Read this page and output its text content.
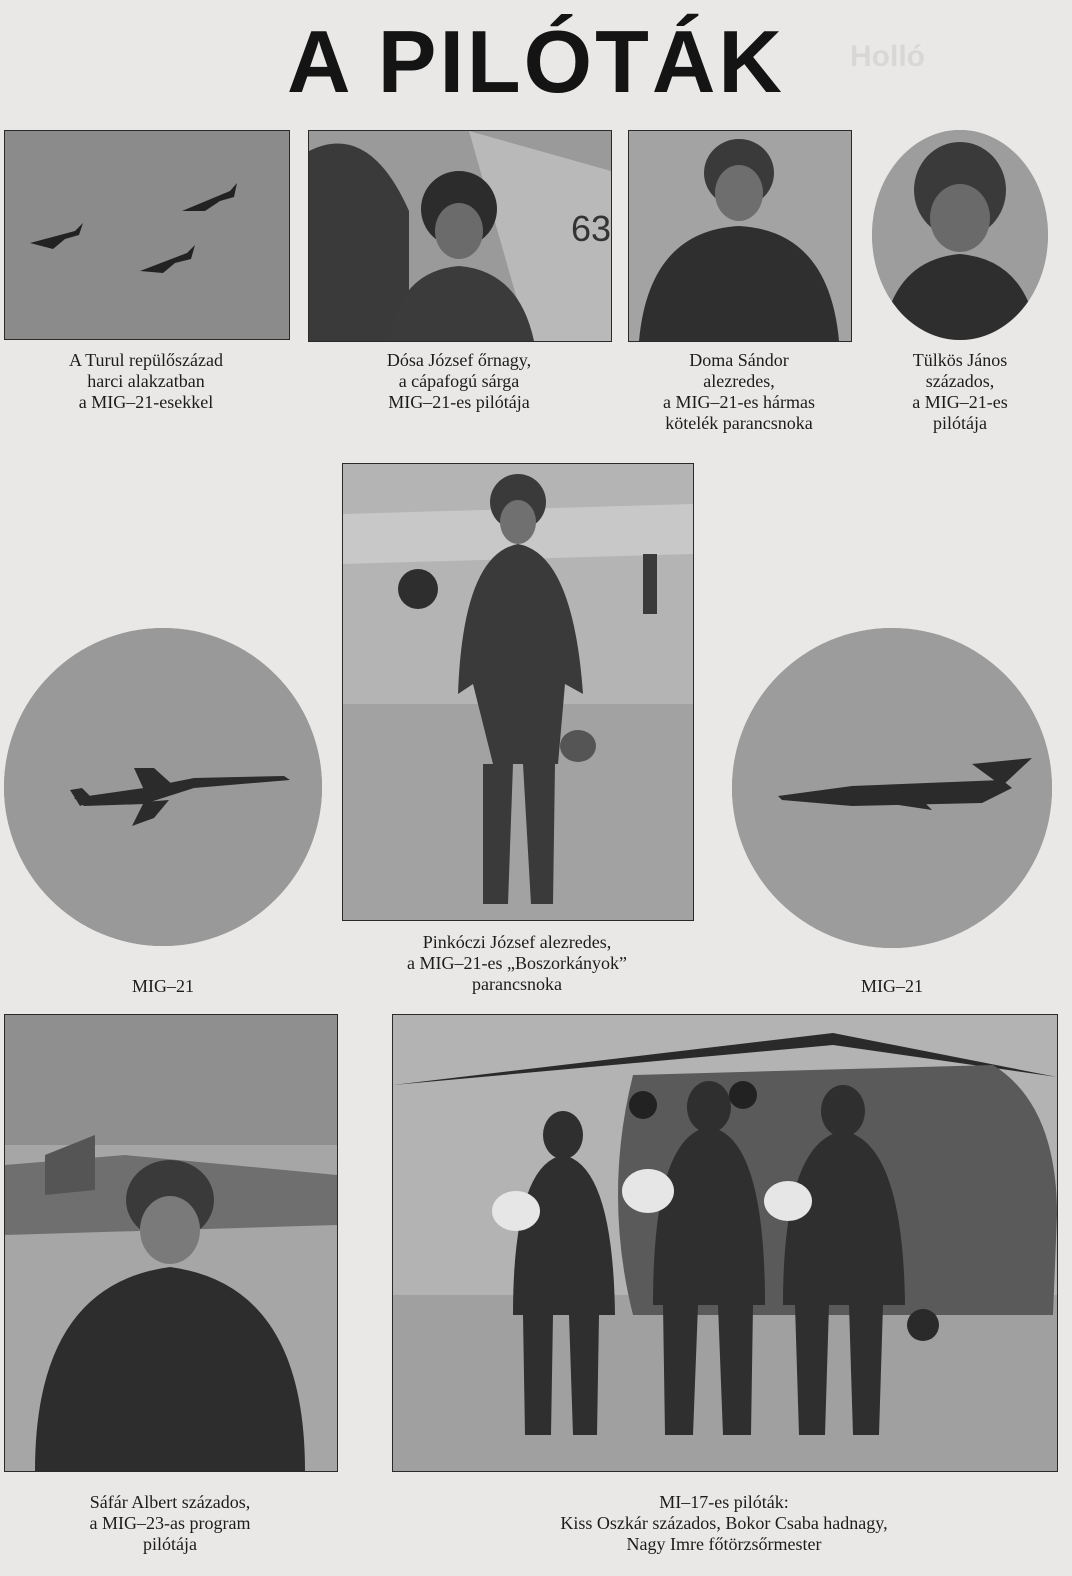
Holló
A PILÓTÁK
63
A Turul repülőszázad
harci alakzatban
a MIG–21-esekkel
Dósa József őrnagy,
a cápafogú sárga
MIG–21-es pilótája
Doma Sándor
alezredes,
a MIG–21-es hármas
kötelék parancsnoka
Tülkös János
százados,
a MIG–21-es
pilótája
MIG–21
Pinkóczi József alezredes,
a MIG–21-es „Boszorkányok”
parancsnoka	MIG–21
Sáfár Albert százados,
a MIG–23-as program
pilótája
MI–17-es pilóták:
Kiss Oszkár százados, Bokor Csaba hadnagy,
Nagy Imre főtörzsőrmester
